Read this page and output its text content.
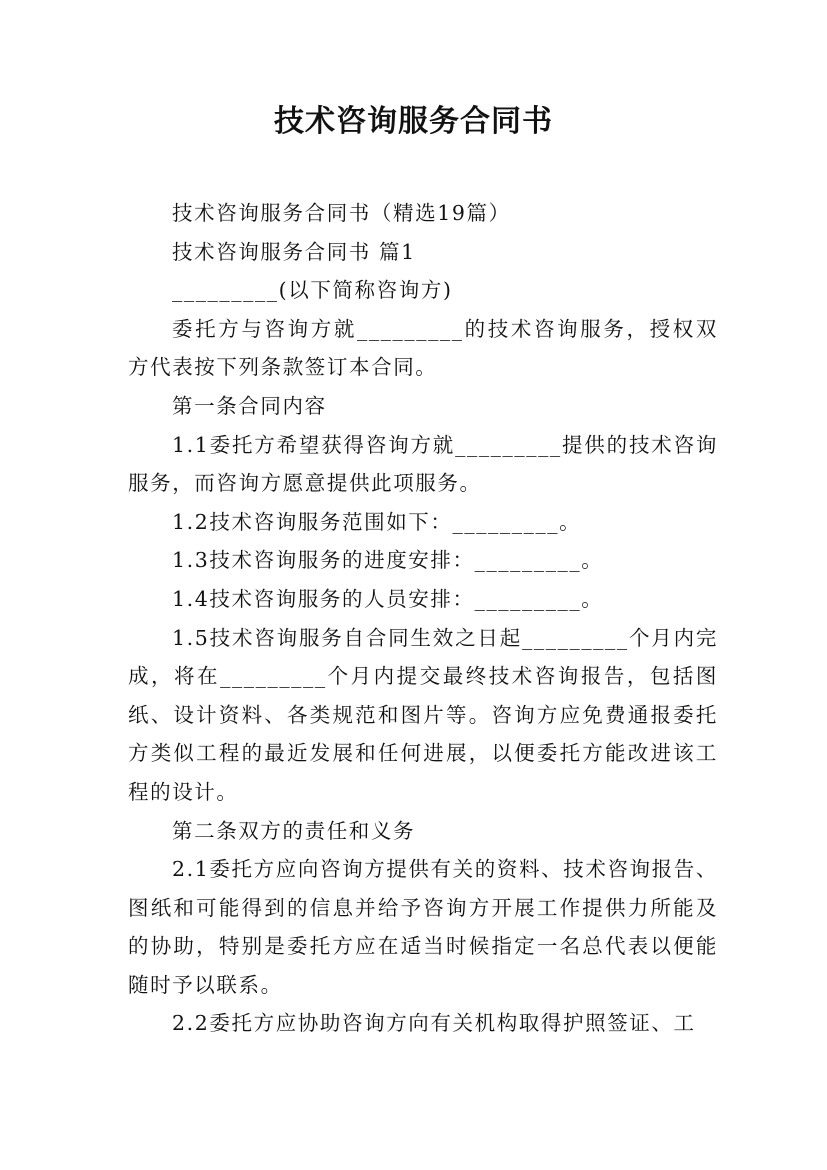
技术咨询服务合同书

技术咨询服务合同书（精选19篇）

技术咨询服务合同书 篇1

_________(以下简称咨询方)

委托方与咨询方就_________的技术咨询服务，授权双方代表按下列条款签订本合同。

第一条合同内容

1.1委托方希望获得咨询方就_________提供的技术咨询服务，而咨询方愿意提供此项服务。

1.2技术咨询服务范围如下：_________。

1.3技术咨询服务的进度安排：_________。

1.4技术咨询服务的人员安排：_________。

1.5技术咨询服务自合同生效之日起_________个月内完成，将在_________个月内提交最终技术咨询报告，包括图纸、设计资料、各类规范和图片等。咨询方应免费通报委托方类似工程的最近发展和任何进展，以便委托方能改进该工程的设计。

第二条双方的责任和义务

2.1委托方应向咨询方提供有关的资料、技术咨询报告、图纸和可能得到的信息并给予咨询方开展工作提供力所能及的协助，特别是委托方应在适当时候指定一名总代表以便能随时予以联系。

2.2委托方应协助咨询方向有关机构取得护照签证、工
